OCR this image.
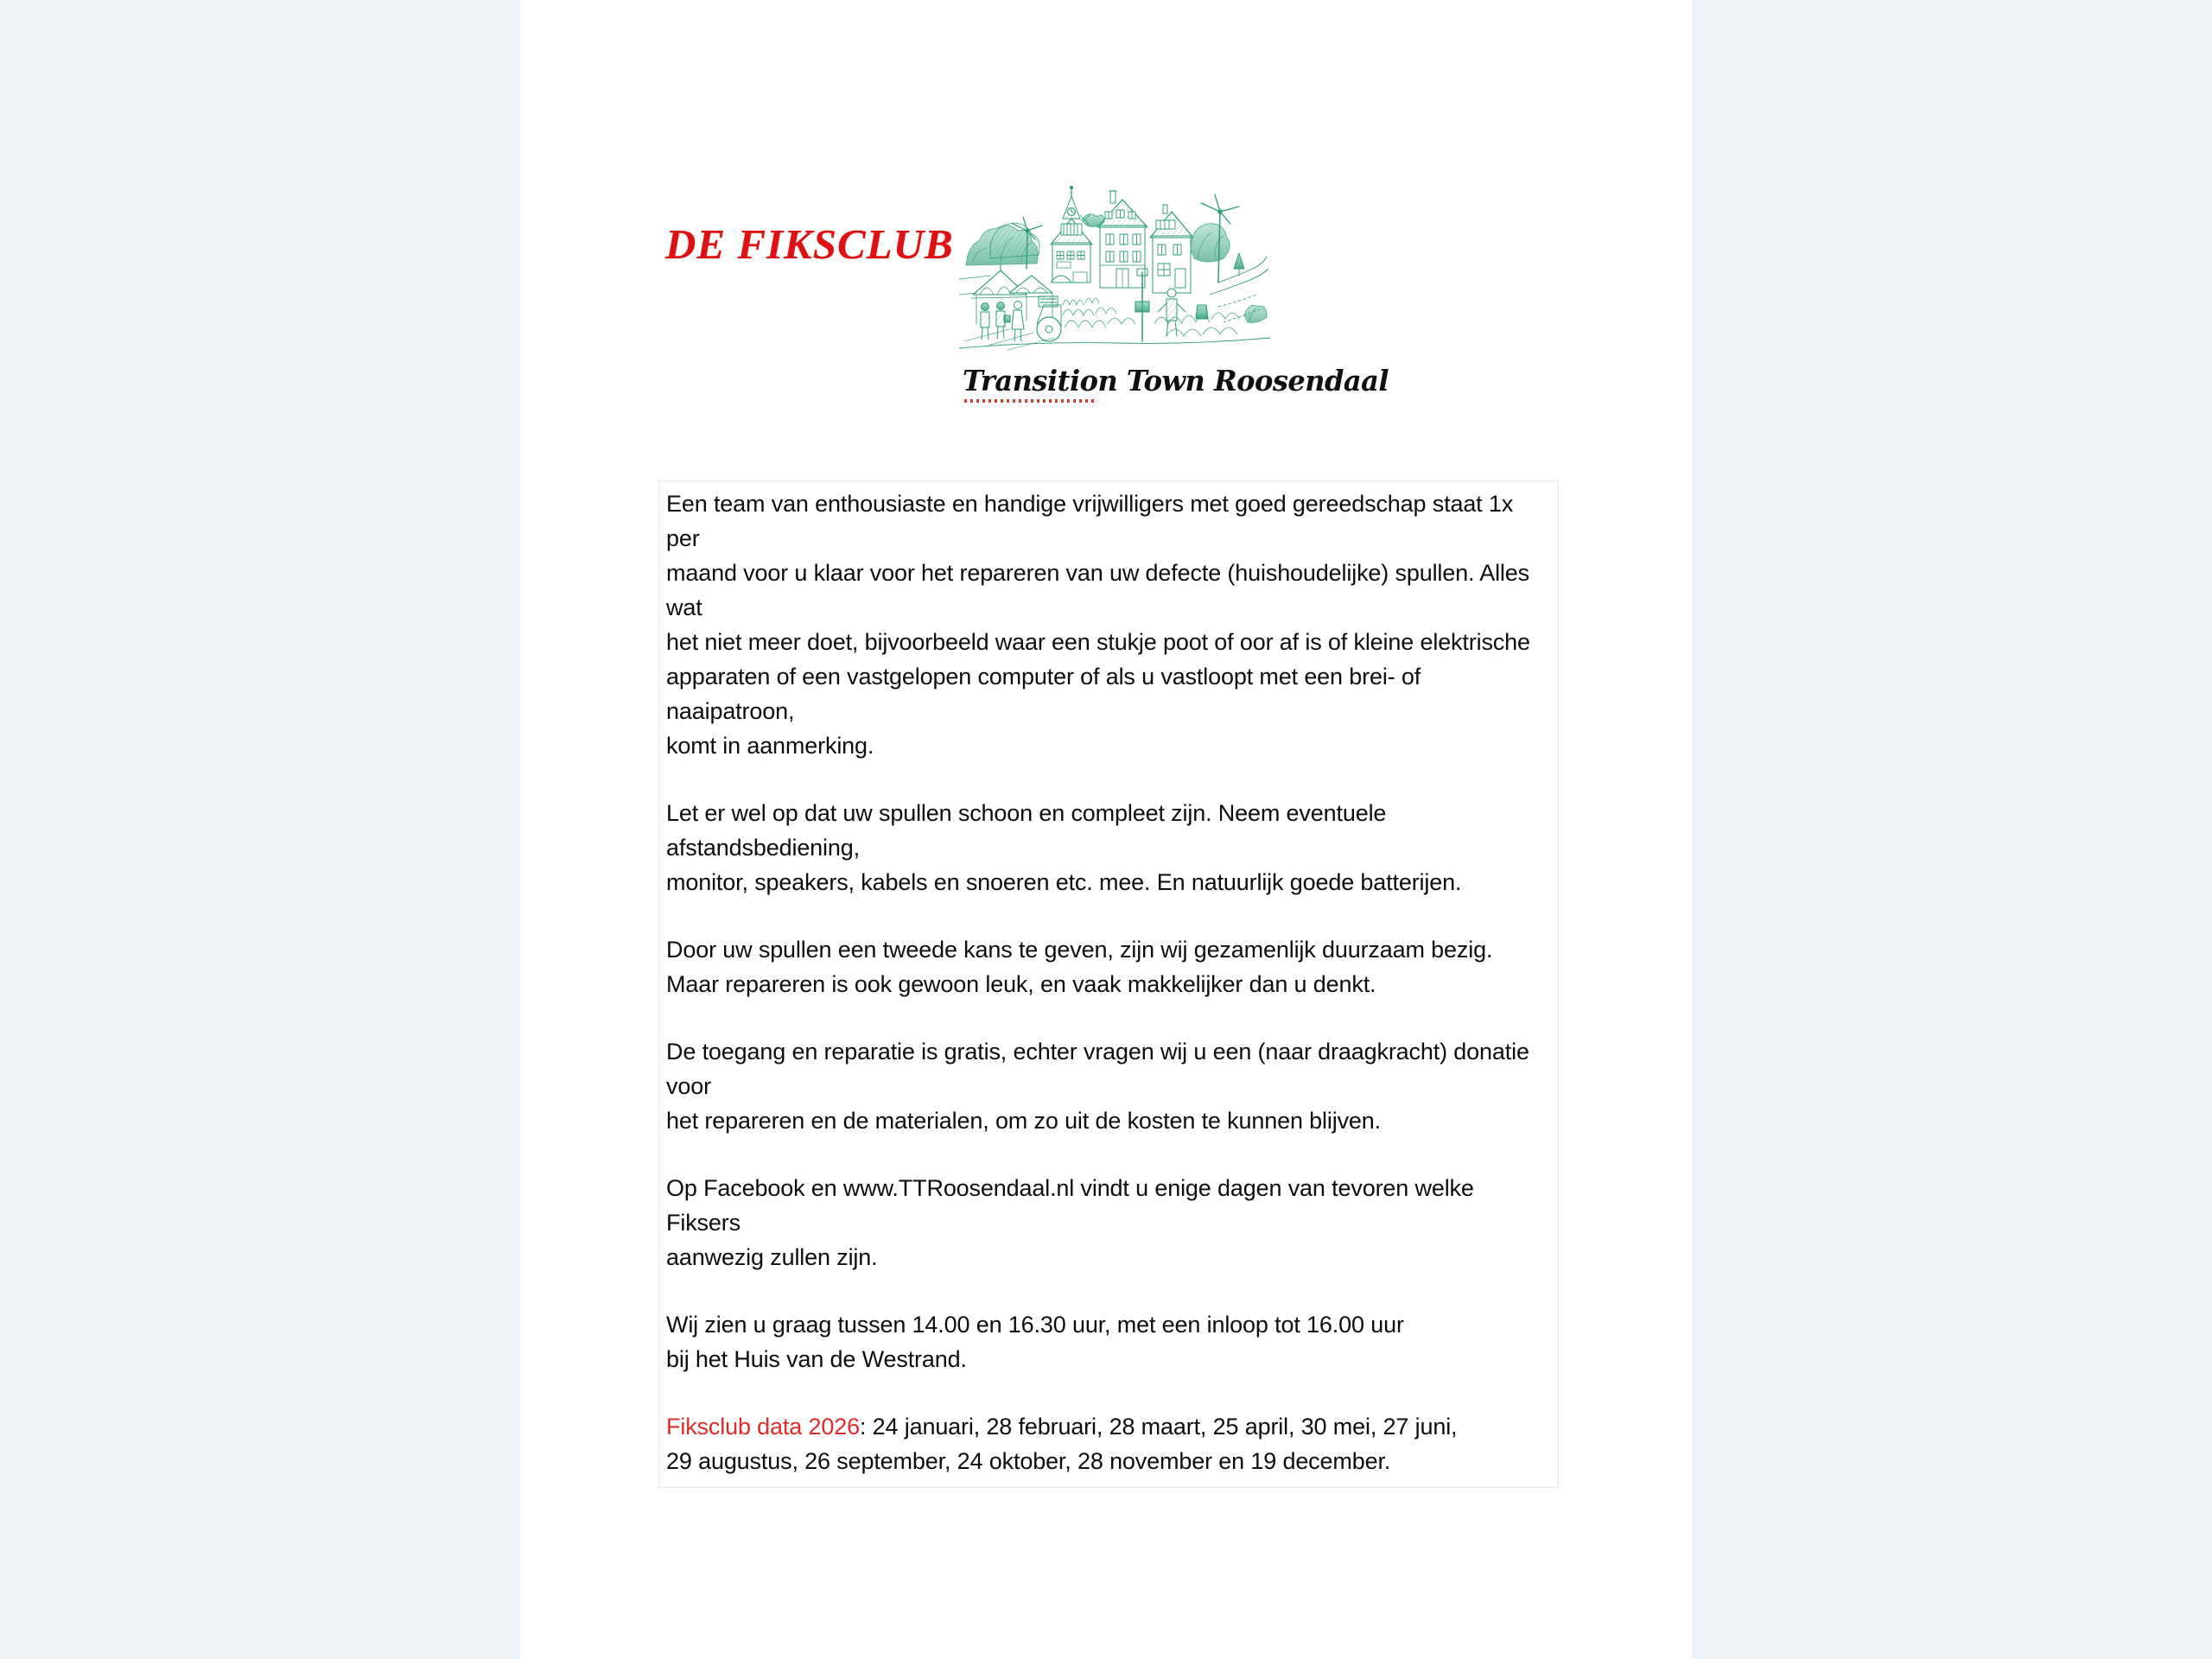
DE FIKSCLUB
Transition Town Roosendaal

Een team van enthousiaste en handige vrijwilligers met goed gereedschap staat 1x per
maand voor u klaar voor het repareren van uw defecte (huishoudelijke) spullen. Alles wat
het niet meer doet, bijvoorbeeld waar een stukje poot of oor af is of kleine elektrische
apparaten of een vastgelopen computer of als u vastloopt met een brei- of naaipatroon,
komt in aanmerking.

Let er wel op dat uw spullen schoon en compleet zijn. Neem eventuele afstandsbediening,
monitor, speakers, kabels en snoeren etc. mee. En natuurlijk goede batterijen.

Door uw spullen een tweede kans te geven, zijn wij gezamenlijk duurzaam bezig.
Maar repareren is ook gewoon leuk, en vaak makkelijker dan u denkt.

De toegang en reparatie is gratis, echter vragen wij u een (naar draagkracht) donatie voor
het repareren en de materialen, om zo uit de kosten te kunnen blijven.

Op Facebook en www.TTRoosendaal.nl vindt u enige dagen van tevoren welke Fiksers
aanwezig zullen zijn.

Wij zien u graag tussen 14.00 en 16.30 uur, met een inloop tot 16.00 uur
bij het Huis van de Westrand.

Fiksclub data 2026: 24 januari, 28 februari, 28 maart, 25 april, 30 mei, 27 juni,
29 augustus, 26 september, 24 oktober, 28 november en 19 december.
